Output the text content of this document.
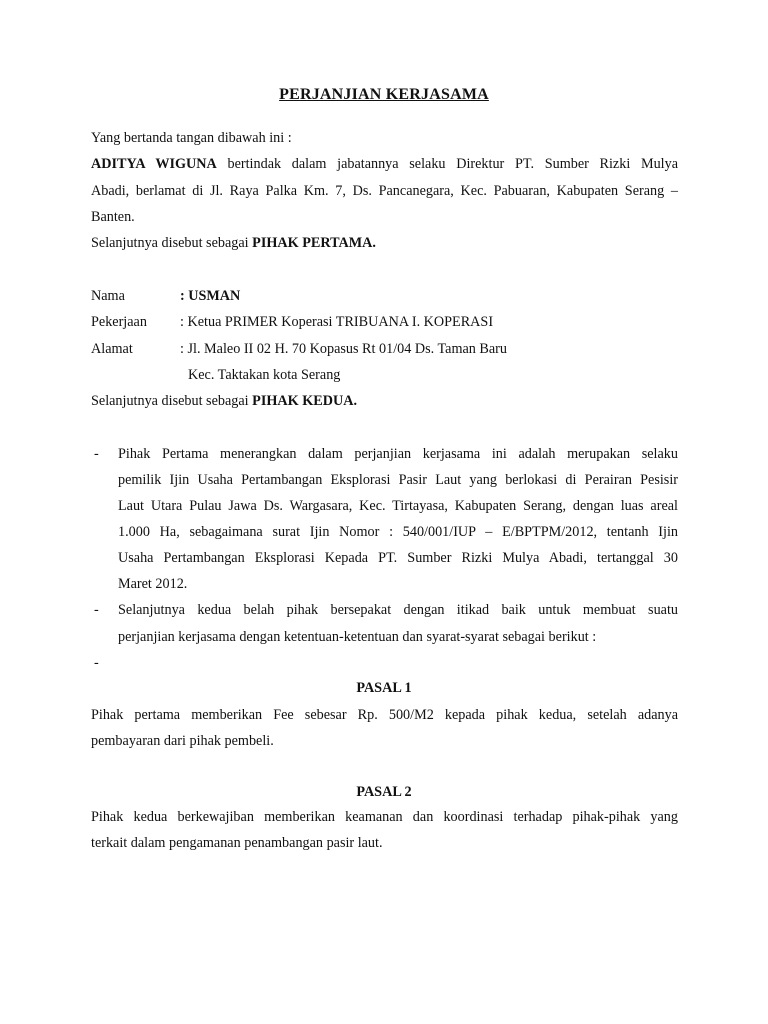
PERJANJIAN KERJASAMA
Yang bertanda tangan dibawah ini :
ADITYA WIGUNA bertindak dalam jabatannya selaku Direktur PT. Sumber Rizki Mulya
Abadi, berlamat di Jl. Raya Palka Km. 7, Ds. Pancanegara, Kec. Pabuaran, Kabupaten Serang –
Banten.
Selanjutnya disebut sebagai PIHAK PERTAMA.
Nama	: USMAN
Pekerjaan : Ketua PRIMER Koperasi TRIBUANA I. KOPERASI
Alamat	: Jl. Maleo II 02 H. 70 Kopasus Rt 01/04 Ds. Taman Baru
Kec. Taktakan kota Serang
Selanjutnya disebut sebagai PIHAK KEDUA.
- Pihak Pertama menerangkan dalam perjanjian kerjasama ini adalah merupakan selaku
pemilik Ijin Usaha Pertambangan Eksplorasi Pasir Laut yang berlokasi di Perairan Pesisir
Laut Utara Pulau Jawa Ds. Wargasara, Kec. Tirtayasa, Kabupaten Serang, dengan luas areal
1.000 Ha, sebagaimana surat Ijin Nomor : 540/001/IUP – E/BPTPM/2012, tentanh Ijin
Usaha Pertambangan Eksplorasi Kepada PT. Sumber Rizki Mulya Abadi, tertanggal 30
Maret 2012.
- Selanjutnya kedua belah pihak bersepakat dengan itikad baik untuk membuat suatu
perjanjian kerjasama dengan ketentuan-ketentuan dan syarat-syarat sebagai berikut :
-
PASAL 1
Pihak pertama memberikan Fee sebesar Rp. 500/M2 kepada pihak kedua, setelah adanya
pembayaran dari pihak pembeli.
PASAL 2
Pihak kedua berkewajiban memberikan keamanan dan koordinasi terhadap pihak-pihak yang
terkait dalam pengamanan penambangan pasir laut.
